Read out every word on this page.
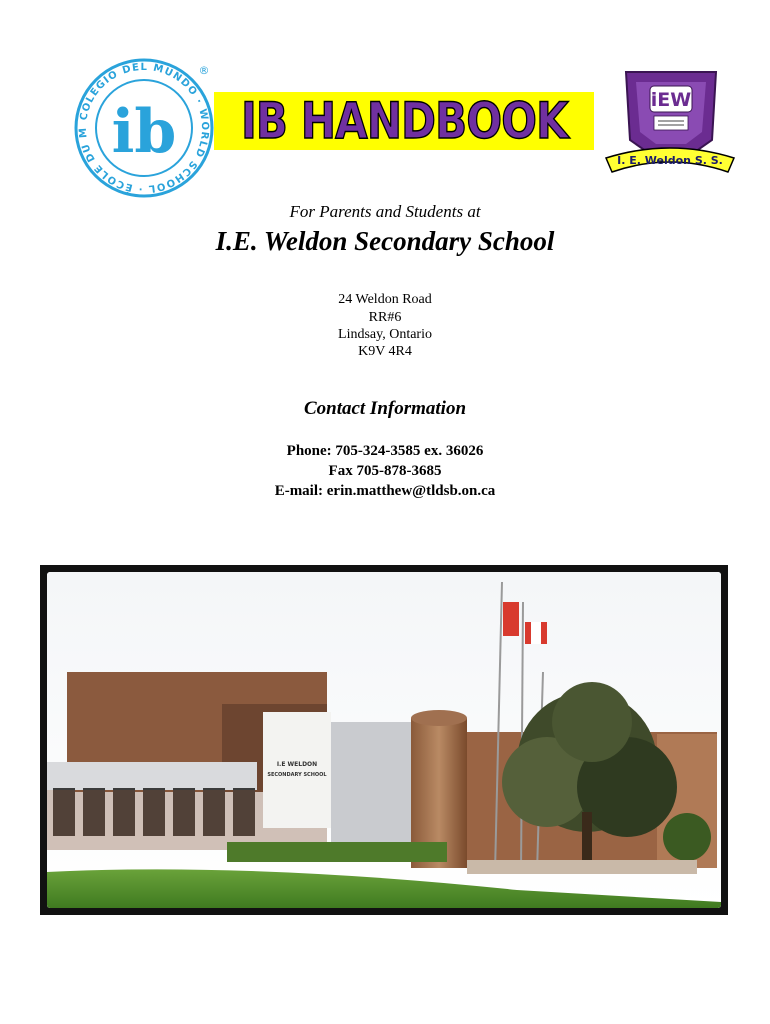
COLEGIO DEL MUNDO · WORLD SCHOOL · ÉCOLE DU M ib
®
IB HANDBOOK	iEW
I. E. Weldon S. S.
For Parents and Students at
I.E. Weldon Secondary School
24 Weldon Road
RR#6
Lindsay, Ontario
K9V 4R4
Contact Information
Phone: 705-324-3585 ex. 36026
Fax 705-878-3685
E-mail: erin.matthew@tldsb.on.ca
I.E WELDON
SECONDARY SCHOOL
